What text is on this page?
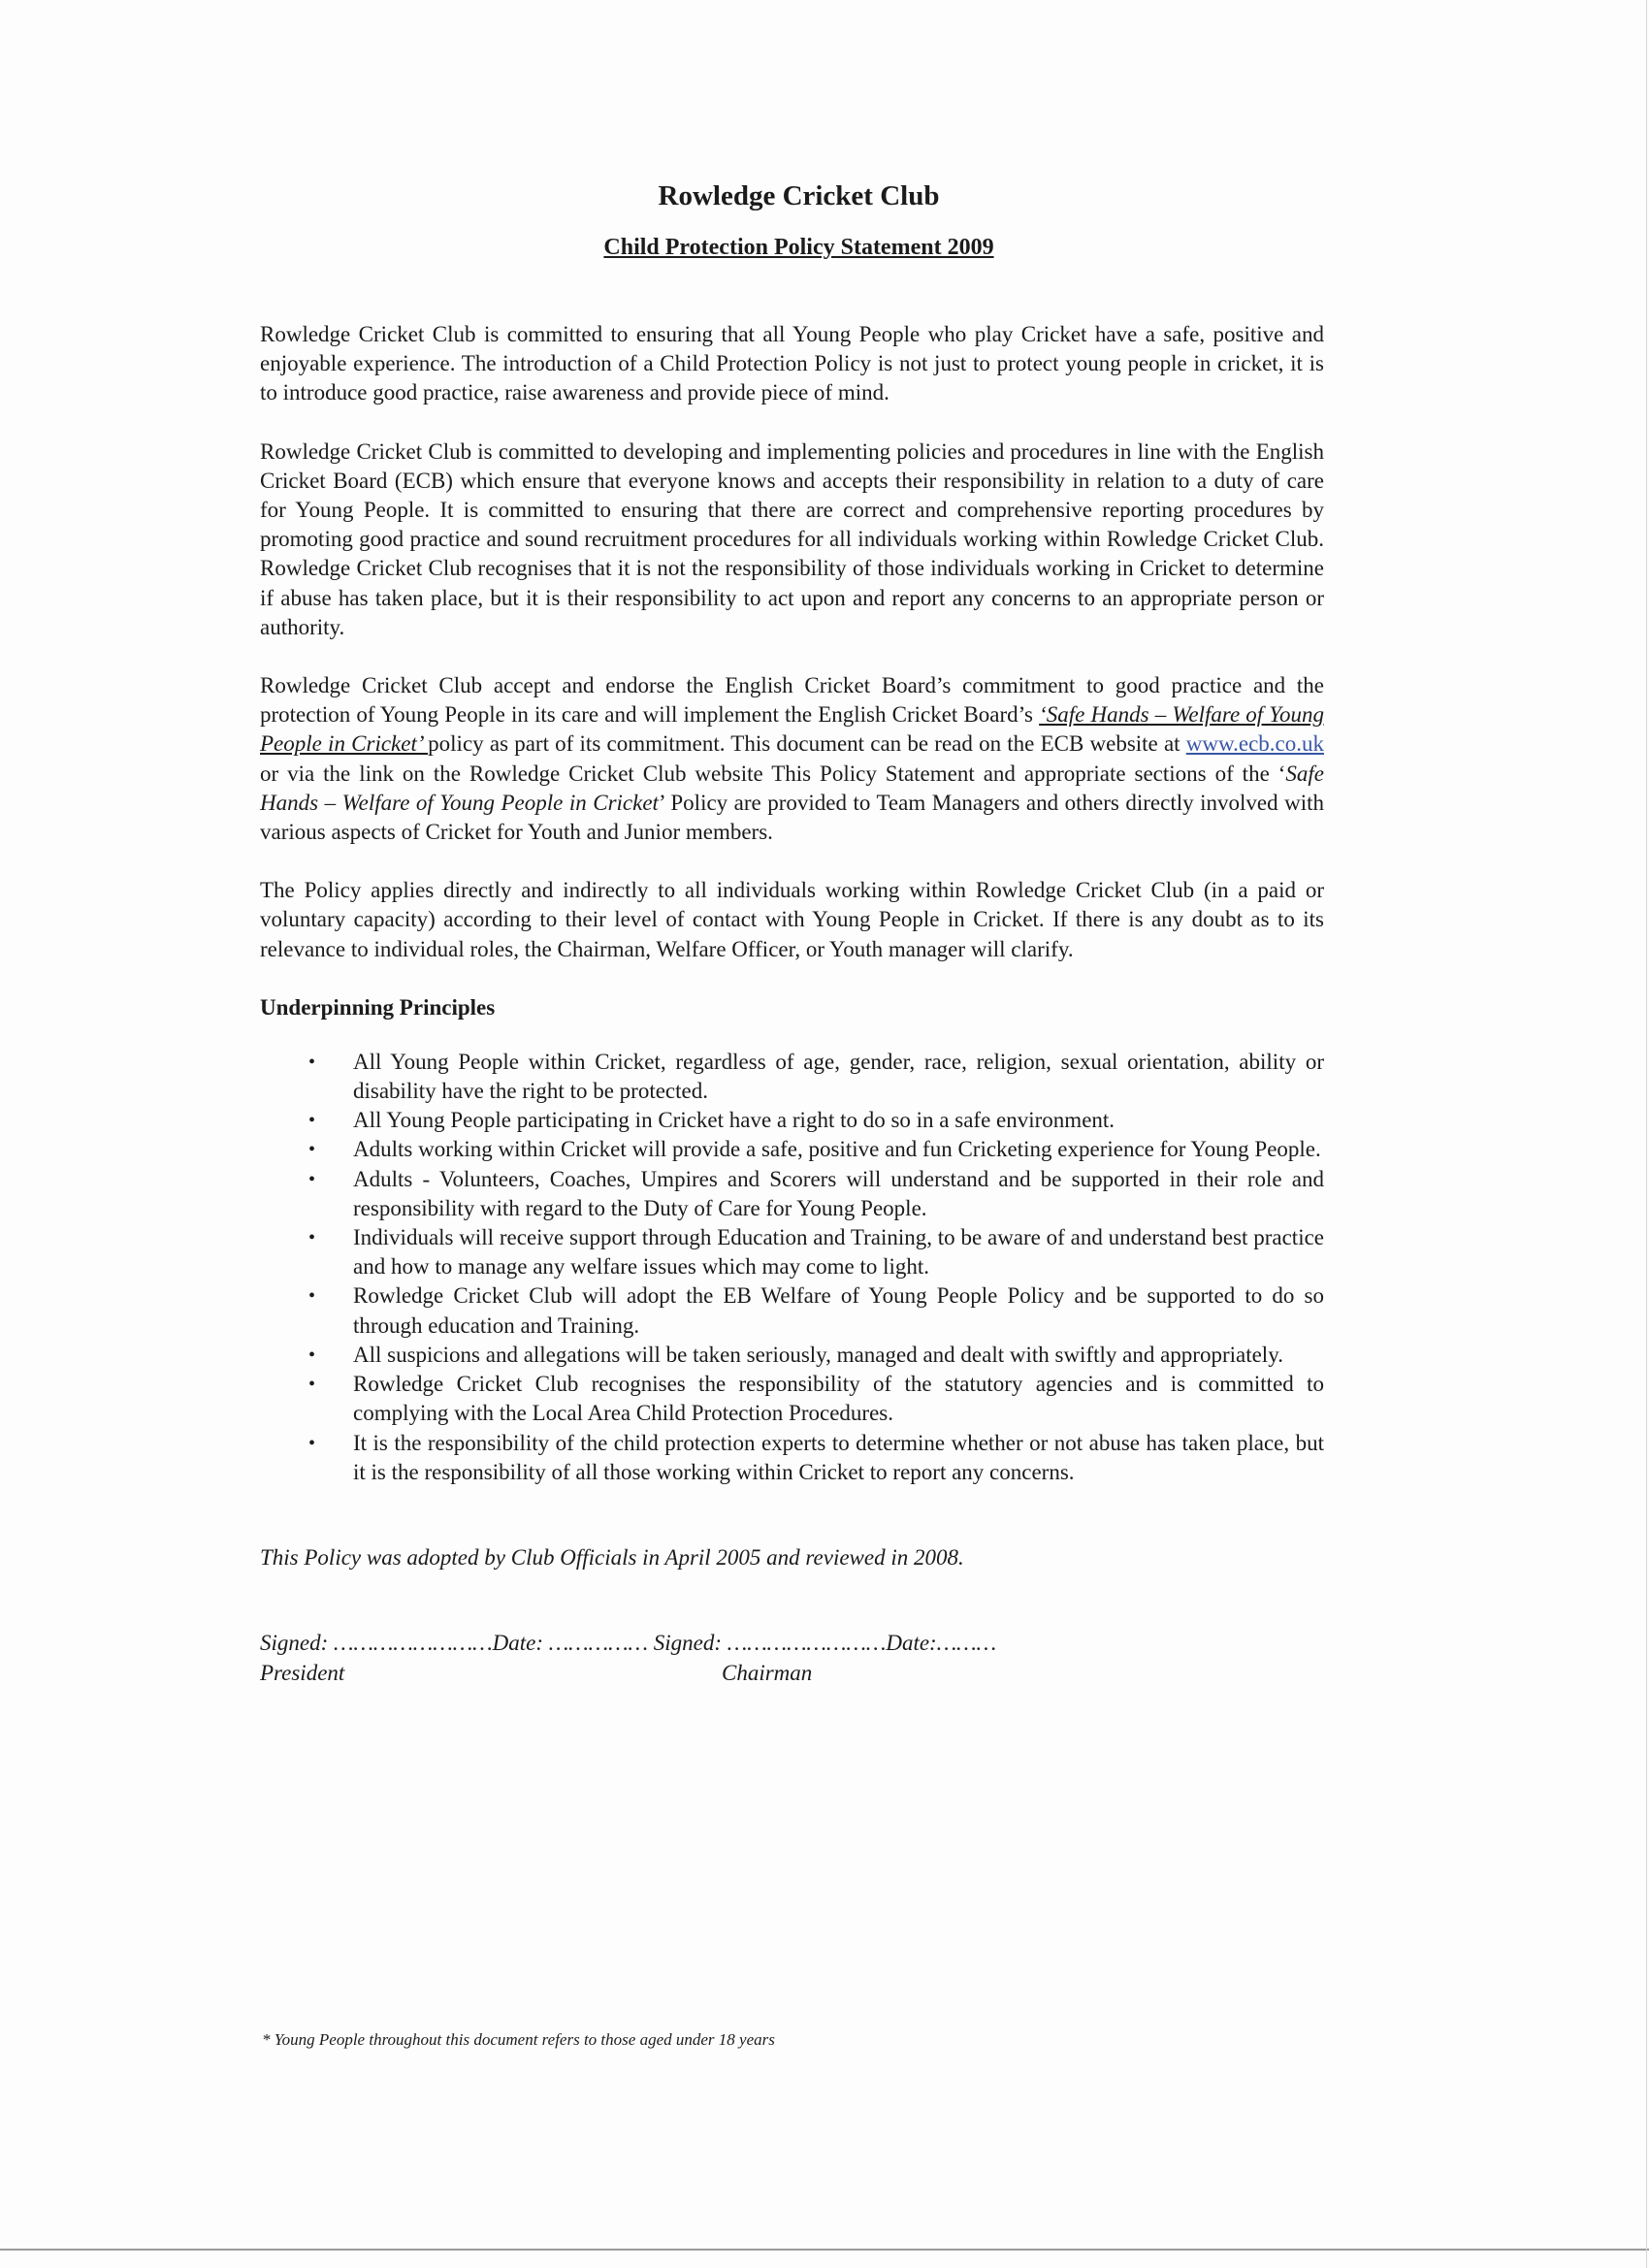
Rowledge Cricket Club
Child Protection Policy Statement 2009

Rowledge Cricket Club is committed to ensuring that all Young People who play Cricket have a safe, positive and enjoyable experience. The introduction of a Child Protection Policy is not just to protect young people in cricket, it is to introduce good practice, raise awareness and provide piece of mind.

Rowledge Cricket Club is committed to developing and implementing policies and procedures in line with the English Cricket Board (ECB) which ensure that everyone knows and accepts their responsibility in relation to a duty of care for Young People. It is committed to ensuring that there are correct and comprehensive reporting procedures by promoting good practice and sound recruitment procedures for all individuals working within Rowledge Cricket Club. Rowledge Cricket Club recognises that it is not the responsibility of those individuals working in Cricket to determine if abuse has taken place, but it is their responsibility to act upon and report any concerns to an appropriate person or authority.

Rowledge Cricket Club accept and endorse the English Cricket Board’s commitment to good practice and the protection of Young People in its care and will implement the English Cricket Board’s ‘Safe Hands – Welfare of Young People in Cricket’ policy as part of its commitment. This document can be read on the ECB website at www.ecb.co.uk or via the link on the Rowledge Cricket Club website This Policy Statement and appropriate sections of the ‘Safe Hands – Welfare of Young People in Cricket’ Policy are provided to Team Managers and others directly involved with various aspects of Cricket for Youth and Junior members.

The Policy applies directly and indirectly to all individuals working within Rowledge Cricket Club (in a paid or voluntary capacity) according to their level of contact with Young People in Cricket. If there is any doubt as to its relevance to individual roles, the Chairman, Welfare Officer, or Youth manager will clarify.

Underpinning Principles
• All Young People within Cricket, regardless of age, gender, race, religion, sexual orientation, ability or disability have the right to be protected.
• All Young People participating in Cricket have a right to do so in a safe environment.
• Adults working within Cricket will provide a safe, positive and fun Cricketing experience for Young People.
• Adults - Volunteers, Coaches, Umpires and Scorers will understand and be supported in their role and responsibility with regard to the Duty of Care for Young People.
• Individuals will receive support through Education and Training, to be aware of and understand best practice and how to manage any welfare issues which may come to light.
• Rowledge Cricket Club will adopt the EB Welfare of Young People Policy and be supported to do so through education and Training.
• All suspicions and allegations will be taken seriously, managed and dealt with swiftly and appropriately.
• Rowledge Cricket Club recognises the responsibility of the statutory agencies and is committed to complying with the Local Area Child Protection Procedures.
• It is the responsibility of the child protection experts to determine whether or not abuse has taken place, but it is the responsibility of all those working within Cricket to report any concerns.

This Policy was adopted by Club Officials in April 2005 and reviewed in 2008.

Signed: ……………………Date: …………… Signed: ……………………Date:………
President	Chairman
* Young People throughout this document refers to those aged under 18 years
